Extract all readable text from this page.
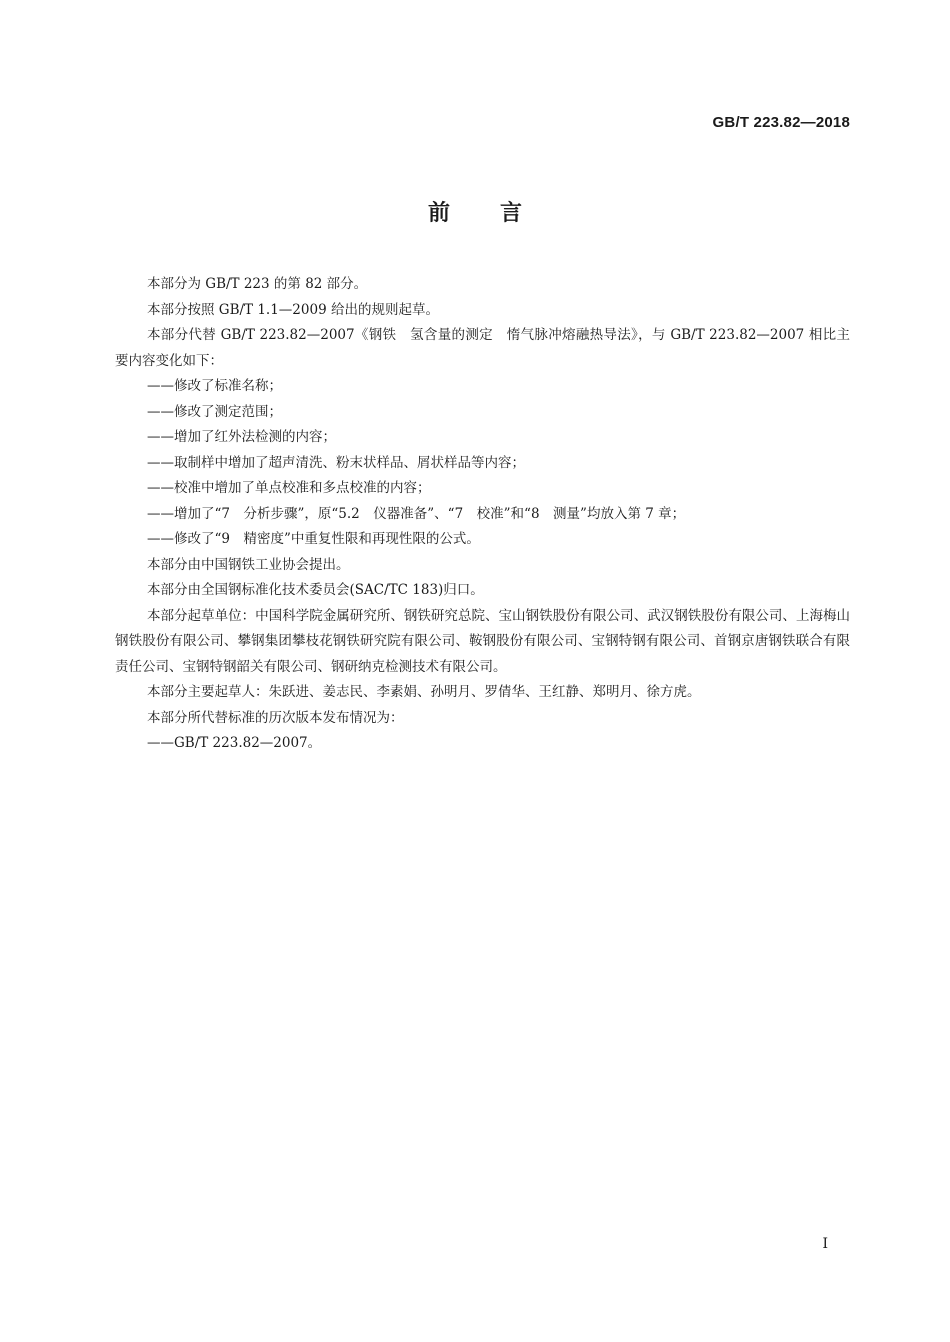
GB/T 223.82—2018
前 言

本部分为 GB/T 223 的第 82 部分。

本部分按照 GB/T 1.1—2009 给出的规则起草。

本部分代替 GB/T 223.82—2007《钢铁　氢含量的测定　惰气脉冲熔融热导法》，与 GB/T 223.82—2007 相比主要内容变化如下：

——修改了标准名称；

——修改了测定范围；

——增加了红外法检测的内容；

——取制样中增加了超声清洗、粉末状样品、屑状样品等内容；

——校准中增加了单点校准和多点校准的内容；

——增加了“7　分析步骤”，原“5.2　仪器准备”、“7　校准”和“8　测量”均放入第 7 章；

——修改了“9　精密度”中重复性限和再现性限的公式。

本部分由中国钢铁工业协会提出。

本部分由全国钢标准化技术委员会(SAC/TC 183)归口。

本部分起草单位：中国科学院金属研究所、钢铁研究总院、宝山钢铁股份有限公司、武汉钢铁股份有限公司、上海梅山钢铁股份有限公司、攀钢集团攀枝花钢铁研究院有限公司、鞍钢股份有限公司、宝钢特钢有限公司、首钢京唐钢铁联合有限责任公司、宝钢特钢韶关有限公司、钢研纳克检测技术有限公司。

本部分主要起草人：朱跃进、姜志民、李素娟、孙明月、罗倩华、王红静、郑明月、徐方虎。

本部分所代替标准的历次版本发布情况为：

——GB/T 223.82—2007。

I
